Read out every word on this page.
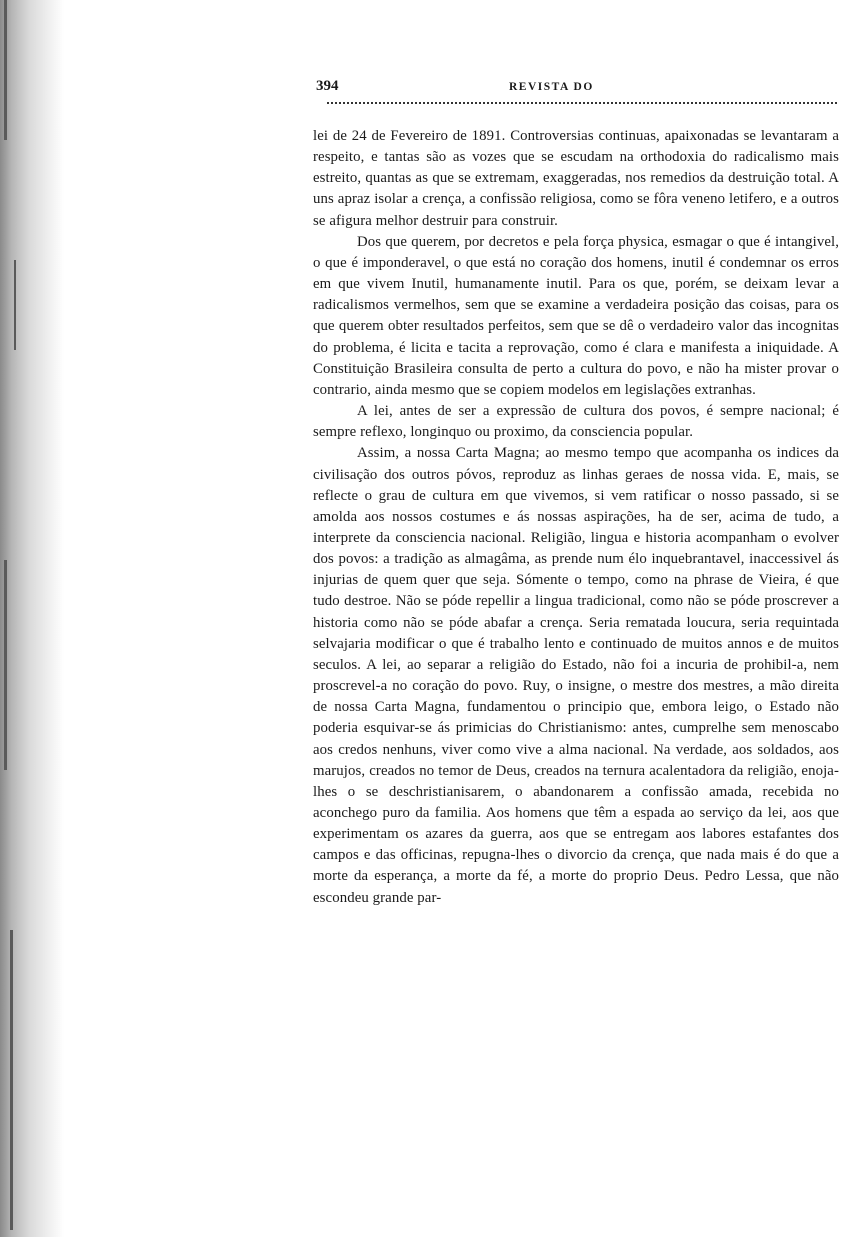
394	REVISTA DO

lei de 24 de Fevereiro de 1891. Controversias continuas, apaixonadas se levantaram a respeito, e tantas são as vozes que se escudam na orthodoxia do radicalismo mais estreito, quantas as que se extremam, exaggeradas, nos remedios da destruição total. A uns apraz isolar a crença, a confissão religiosa, como se fôra veneno letifero, e a outros se afigura melhor destruir para construir.

Dos que querem, por decretos e pela força physica, esmagar o que é intangivel, o que é imponderavel, o que está no coração dos homens, inutil é condemnar os erros em que vivem Inutil, humanamente inutil. Para os que, porém, se deixam levar a radicalismos vermelhos, sem que se examine a verdadeira posição das coisas, para os que querem obter resultados perfeitos, sem que se dê o verdadeiro valor das incognitas do problema, é licita e tacita a reprovação, como é clara e manifesta a iniquidade. A Constituição Brasileira consulta de perto a cultura do povo, e não ha mister provar o contrario, ainda mesmo que se copiem modelos em legislações extranhas.

A lei, antes de ser a expressão de cultura dos povos, é sempre nacional; é sempre reflexo, longinquo ou proximo, da consciencia popular.

Assim, a nossa Carta Magna; ao mesmo tempo que acompanha os indices da civilisação dos outros póvos, reproduz as linhas geraes de nossa vida. E, mais, se reflecte o grau de cultura em que vivemos, si vem ratificar o nosso passado, si se amolda aos nossos costumes e ás nossas aspirações, ha de ser, acima de tudo, a interprete da consciencia nacional. Religião, lingua e historia acompanham o evolver dos povos: a tradição as almagâma, as prende num élo inquebrantavel, inaccessivel ás injurias de quem quer que seja. Sómente o tempo, como na phrase de Vieira, é que tudo destroe. Não se póde repellir a lingua tradicional, como não se póde proscrever a historia como não se póde abafar a crença. Seria rematada loucura, seria requintada selvajaria modificar o que é trabalho lento e continuado de muitos annos e de muitos seculos. A lei, ao separar a religião do Estado, não foi a incuria de prohibil-a, nem proscrevel-a no coração do povo. Ruy, o insigne, o mestre dos mestres, a mão direita de nossa Carta Magna, fundamentou o principio que, embora leigo, o Estado não poderia esquivar-se ás primicias do Christianismo: antes, cumprelhe sem menoscabo aos credos nenhuns, viver como vive a alma nacional. Na verdade, aos soldados, aos marujos, creados no temor de Deus, creados na ternura acalentadora da religião, enoja-lhes o se deschristianisarem, o abandonarem a confissão amada, recebida no aconchego puro da familia. Aos homens que têm a espada ao serviço da lei, aos que experimentam os azares da guerra, aos que se entregam aos labores estafantes dos campos e das officinas, repugna-lhes o divorcio da crença, que nada mais é do que a morte da esperança, a morte da fé, a morte do proprio Deus. Pedro Lessa, que não escondeu grande par-
